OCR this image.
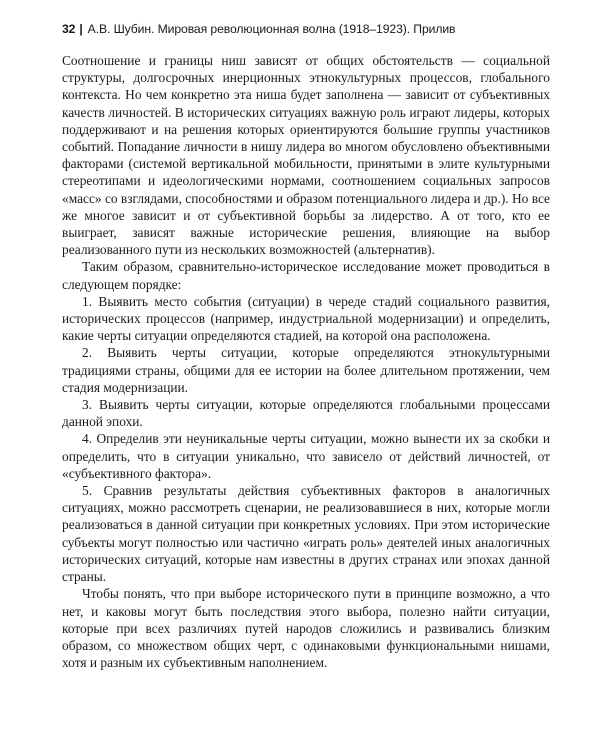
32 | А.В. Шубин. Мировая революционная волна (1918–1923). Прилив

Соотношение и границы ниш зависят от общих обстоятельств — социальной структуры, долгосрочных инерционных этнокультурных процессов, глобального контекста. Но чем конкретно эта ниша будет заполнена — зависит от субъективных качеств личностей. В исторических ситуациях важную роль играют лидеры, которых поддерживают и на решения которых ориентируются большие группы участников событий. Попадание личности в нишу лидера во многом обусловлено объективными факторами (системой вертикальной мобильности, принятыми в элите культурными стереотипами и идеологическими нормами, соотношением социальных запросов «масс» со взглядами, способностями и образом потенциального лидера и др.). Но все же многое зависит и от субъективной борьбы за лидерство. А от того, кто ее выиграет, зависят важные исторические решения, влияющие на выбор реализованного пути из нескольких возможностей (альтернатив).

Таким образом, сравнительно-историческое исследование может проводиться в следующем порядке:

1. Выявить место события (ситуации) в череде стадий социального развития, исторических процессов (например, индустриальной модернизации) и определить, какие черты ситуации определяются стадией, на которой она расположена.

2. Выявить черты ситуации, которые определяются этнокультурными традициями страны, общими для ее истории на более длительном протяжении, чем стадия модернизации.

3. Выявить черты ситуации, которые определяются глобальными процессами данной эпохи.

4. Определив эти неуникальные черты ситуации, можно вынести их за скобки и определить, что в ситуации уникально, что зависело от действий личностей, от «субъективного фактора».

5. Сравнив результаты действия субъективных факторов в аналогичных ситуациях, можно рассмотреть сценарии, не реализовавшиеся в них, которые могли реализоваться в данной ситуации при конкретных условиях. При этом исторические субъекты могут полностью или частично «играть роль» деятелей иных аналогичных исторических ситуаций, которые нам известны в других странах или эпохах данной страны.

Чтобы понять, что при выборе исторического пути в принципе возможно, а что нет, и каковы могут быть последствия этого выбора, полезно найти ситуации, которые при всех различиях путей народов сложились и развивались близким образом, со множеством общих черт, с одинаковыми функциональными нишами, хотя и разным их субъективным наполнением.
